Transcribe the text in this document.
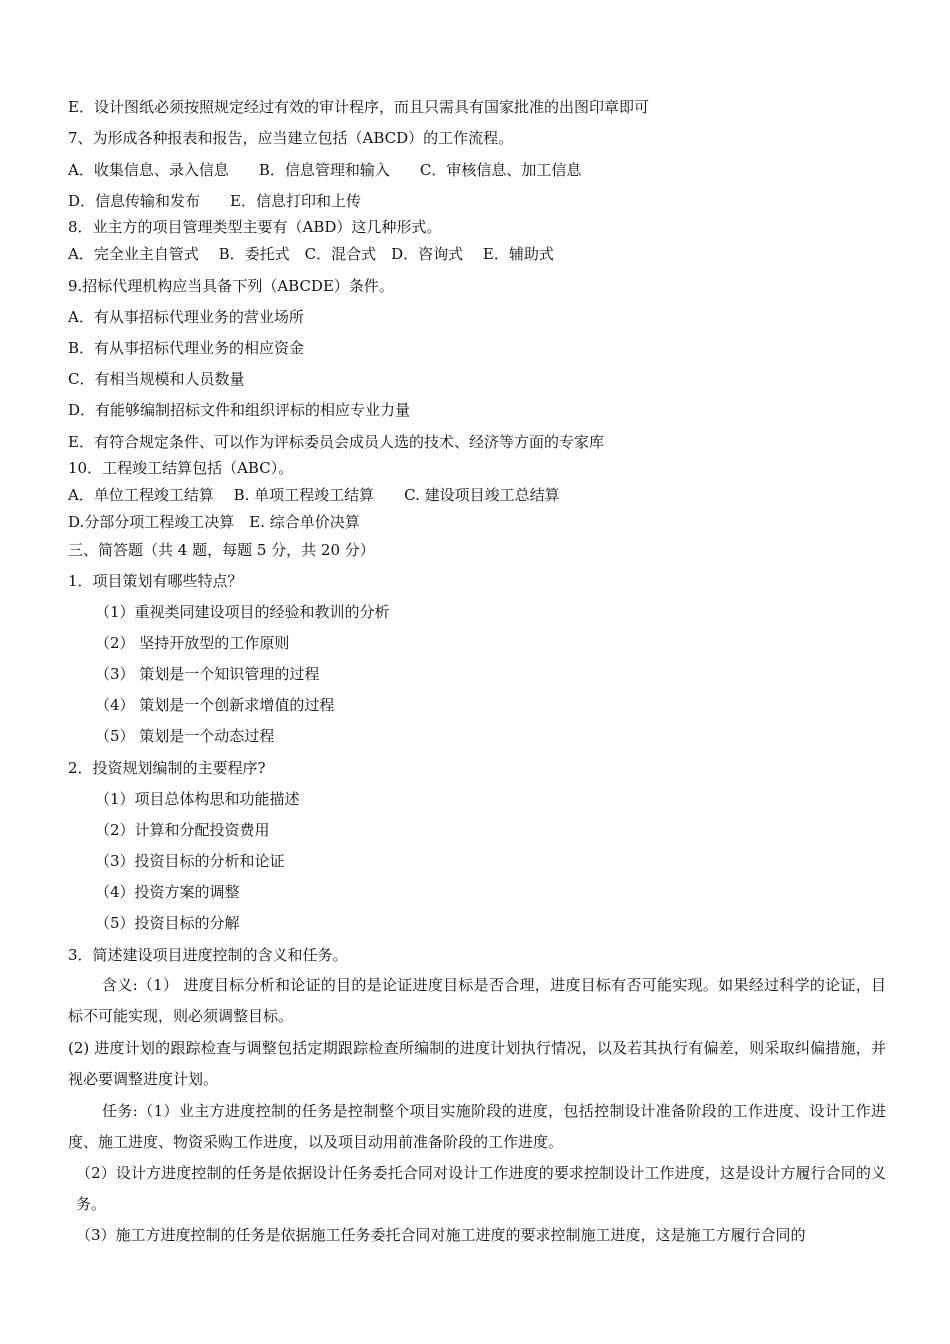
E．设计图纸必须按照规定经过有效的审计程序，而且只需具有国家批准的出图印章即可
7、为形成各种报表和报告，应当建立包括（ABCD）的工作流程。
A．收集信息、录入信息　　B．信息管理和输入　　C．审核信息、加工信息
D．信息传输和发布　　E．信息打印和上传
8．业主方的项目管理类型主要有（ABD）这几种形式。
A．完全业主自管式　 B．委托式　C．混合式　D．咨询式　 E．辅助式
9.招标代理机构应当具备下列（ABCDE）条件。
A．有从事招标代理业务的营业场所
B．有从事招标代理业务的相应资金
C．有相当规模和人员数量
D．有能够编制招标文件和组织评标的相应专业力量
E．有符合规定条件、可以作为评标委员会成员人选的技术、经济等方面的专家库
10．工程竣工结算包括（ABC）。
A．单位工程竣工结算　 B. 单项工程竣工结算　　C. 建设项目竣工总结算
D.分部分项工程竣工决算　E. 综合单价决算
三、简答题（共 4 题，每题 5 分，共 20 分）
1．项目策划有哪些特点？
（1）重视类同建设项目的经验和教训的分析
（2） 坚持开放型的工作原则
（3） 策划是一个知识管理的过程
（4） 策划是一个创新求增值的过程
（5） 策划是一个动态过程
2．投资规划编制的主要程序?
（1）项目总体构思和功能描述
（2）计算和分配投资费用
（3）投资目标的分析和论证
（4）投资方案的调整
（5）投资目标的分解
3．简述建设项目进度控制的含义和任务。
含义:（1） 进度目标分析和论证的目的是论证进度目标是否合理，进度目标有否可能实现。如果经过科学的论证，目标不可能实现，则必须调整目标。
(2) 进度计划的跟踪检查与调整包括定期跟踪检查所编制的进度计划执行情况，以及若其执行有偏差，则采取纠偏措施，并视必要调整进度计划。
任务:（1）业主方进度控制的任务是控制整个项目实施阶段的进度，包括控制设计准备阶段的工作进度、设计工作进度、施工进度、物资采购工作进度，以及项目动用前准备阶段的工作进度。
（2）设计方进度控制的任务是依据设计任务委托合同对设计工作进度的要求控制设计工作进度，这是设计方履行合同的义务。
（3）施工方进度控制的任务是依据施工任务委托合同对施工进度的要求控制施工进度，这是施工方履行合同的
